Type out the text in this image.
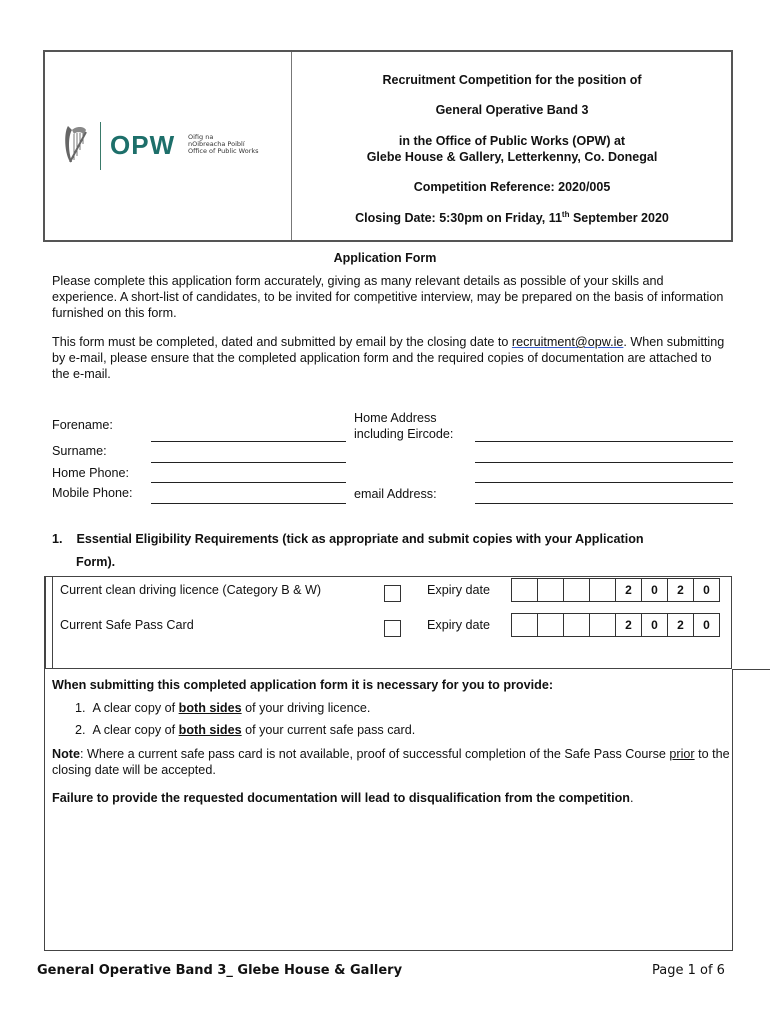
OPW Oifig na
nOibreacha Poiblí
Office of Public Works
Recruitment Competition for the position of
General Operative Band 3
in the Office of Public Works (OPW) at
Glebe House & Gallery, Letterkenny, Co. Donegal
Competition Reference: 2020/005
Closing Date: 5:30pm on Friday, 11th September 2020
Application Form
Please complete this application form accurately, giving as many relevant details as possible of your skills and experience. A short-list of candidates, to be invited for competitive interview, may be prepared on the basis of information furnished on this form.
This form must be completed, dated and submitted by email by the closing date to recruitment@opw.ie. When submitting by e-mail, please ensure that the completed application form and the required copies of documentation are attached to the e-mail.
Forename:
Surname:
Home Phone:
Mobile Phone:
Home Address
including Eircode:
email Address:
1. Essential Eligibility Requirements (tick as appropriate and submit copies with your Application
Form).
Current clean driving licence (Category B & W)	Expiry date	2	0	2	0
Current Safe Pass Card	Expiry date	2	0	2	0
When submitting this completed application form it is necessary for you to provide:
1. A clear copy of both sides of your driving licence.
2. A clear copy of both sides of your current safe pass card.
Note: Where a current safe pass card is not available, proof of successful completion of the Safe Pass Course prior to the closing date will be accepted.
Failure to provide the requested documentation will lead to disqualification from the competition.
General Operative Band 3_ Glebe House & Gallery	Page 1 of 6
